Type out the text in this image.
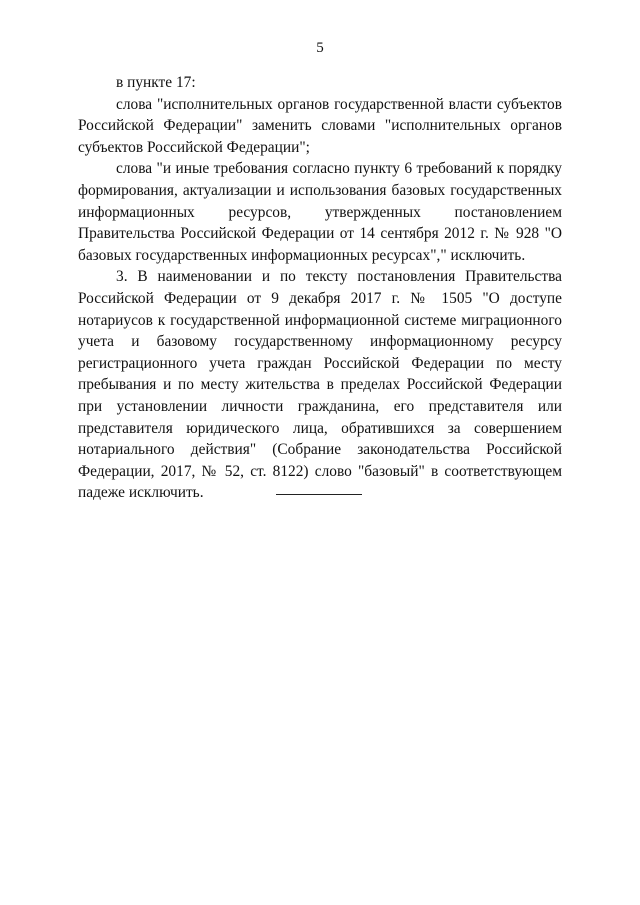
5

в пункте 17:

слова "исполнительных органов государственной власти субъектов Российской Федерации" заменить словами "исполнительных органов субъектов Российской Федерации";

слова "и иные требования согласно пункту 6 требований к порядку формирования, актуализации и использования базовых государственных информационных ресурсов, утвержденных постановлением Правительства Российской Федерации от 14 сентября 2012 г. № 928 "О базовых государственных информационных ресурсах"," исключить.

3. В наименовании и по тексту постановления Правительства Российской Федерации от 9 декабря 2017 г. № 1505 "О доступе нотариусов к государственной информационной системе миграционного учета и базовому государственному информационному ресурсу регистрационного учета граждан Российской Федерации по месту пребывания и по месту жительства в пределах Российской Федерации при установлении личности гражданина, его представителя или представителя юридического лица, обратившихся за совершением нотариального действия" (Собрание законодательства Российской Федерации, 2017, № 52, ст. 8122) слово "базовый" в соответствующем падеже исключить.
